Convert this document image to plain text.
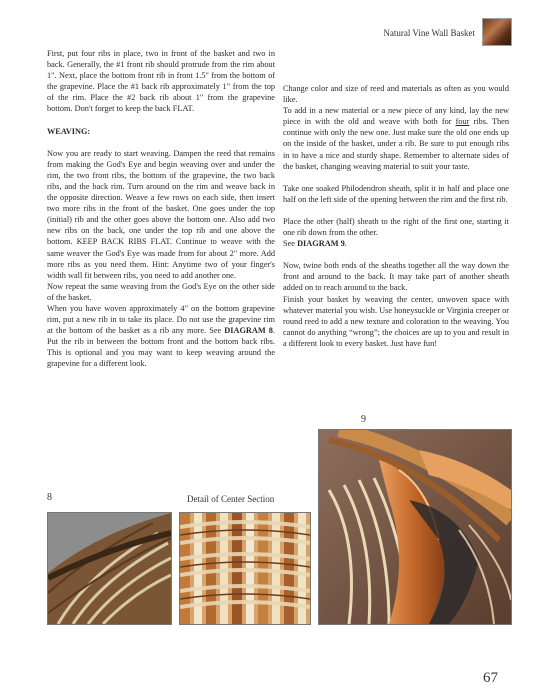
Natural Vine Wall Basket

First, put four ribs in place, two in front of the basket and two in back. Generally, the #1 front rib should protrude from the rim about 1". Next, place the bottom front rib in front 1.5" from the bottom of the grapevine. Place the #1 back rib approximately 1" from the top of the rim. Place the #2 back rib about 1" from the grapevine bottom. Don't forget to keep the back FLAT.

WEAVING:

Now you are ready to start weaving. Dampen the reed that remains from making the God's Eye and begin weaving over and under the rim, the two front ribs, the bottom of the grapevine, the two back ribs, and the back rim. Turn around on the rim and weave back in the opposite direction. Weave a few rows on each side, then insert two more ribs in the front of the basket. One goes under the top (initial) rib and the other goes above the bottom one. Also add two new ribs on the back, one under the top rib and one above the bottom. KEEP BACK RIBS FLAT. Continue to weave with the same weaver the God's Eye was made from for about 2" more. Add more ribs as you need them. Hint: Anytime two of your finger's width wall fit between ribs, you need to add another one.

Now repeat the same weaving from the God's Eye on the other side of the basket.

When you have woven approximately 4" on the bottom grapevine rim, put a new rib in to take its place. Do not use the grapevine rim at the bottom of the basket as a rib any more. See DIAGRAM 8. Put the rib in between the bottom front and the bottom back ribs. This is optional and you may want to keep weaving around the grapevine for a different look.

Change color and size of reed and materials as often as you would like.

To add in a new material or a new piece of any kind, lay the new piece in with the old and weave with both for four ribs. Then continue with only the new one. Just make sure the old one ends up on the inside of the basket, under a rib. Be sure to put enough ribs in to have a nice and sturdy shape. Remember to alternate sides of the basket, changing weaving material to suit your taste.

Take one soaked Philodendron sheath, split it in half and place one half on the left side of the opening between the rim and the first rib.

Place the other (half) sheath to the right of the first one, starting it one rib down from the other.

See DIAGRAM 9.

Now, twine both ends of the sheaths together all the way down the front and around to the back. It may take part of another sheath added on to reach around to the back.

Finish your basket by weaving the center, unwoven space with whatever material you wish. Use honeysuckle or Virginia creeper or round reed to add a new texture and coloration to the weaving. You cannot do anything “wrong”; the choices are up to you and result in a different look to every basket. Just have fun!

9
8	Detail of Center Section
67
